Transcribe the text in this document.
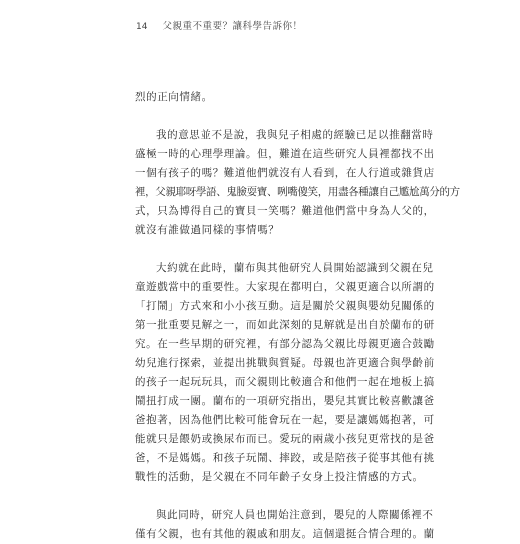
14 父親重不重要？讓科學告訴你！
烈的正向情緒。
我的意思並不是說，我與兒子相處的經驗已足以推翻當時
盛極一時的心理學理論。但，難道在這些研究人員裡都找不出
一個有孩子的嗎？難道他們就沒有人看到，在人行道或雜貨店
裡，父親耶呀學語、鬼臉耍寶、咧嘴傻笑，用盡各種讓自己尷尬萬分的方
式，只為博得自己的寶貝一笑嗎？難道他們當中身為人父的，
就沒有誰做過同樣的事情嗎？
大約就在此時，蘭布與其他研究人員開始認識到父親在兒
童遊戲當中的重要性。大家現在都明白，父親更適合以所謂的
「打鬧」方式來和小小孩互動。這是關於父親與嬰幼兒關係的
第一批重要見解之一，而如此深刻的見解就是出自於蘭布的研
究。在一些早期的研究裡，有部分認為父親比母親更適合鼓勵
幼兒進行探索，並提出挑戰與質疑。母親也許更適合與學齡前
的孩子一起玩玩具，而父親則比較適合和他們一起在地板上搞
鬧扭打成一團。蘭布的一項研究指出，嬰兒其實比較喜歡讓爸
爸抱著，因為他們比較可能會玩在一起，要是讓媽媽抱著，可
能就只是餵奶或換尿布而已。愛玩的兩歲小孩兒更常找的是爸
爸，不是媽媽。和孩子玩鬧、摔跤，或是陪孩子從事其他有挑
戰性的活動，是父親在不同年齡子女身上投注情感的方式。
與此同時，研究人員也開始注意到，嬰兒的人際關係裡不
僅有父親，也有其他的親戚和朋友。這個還挺合情合理的。蘭
